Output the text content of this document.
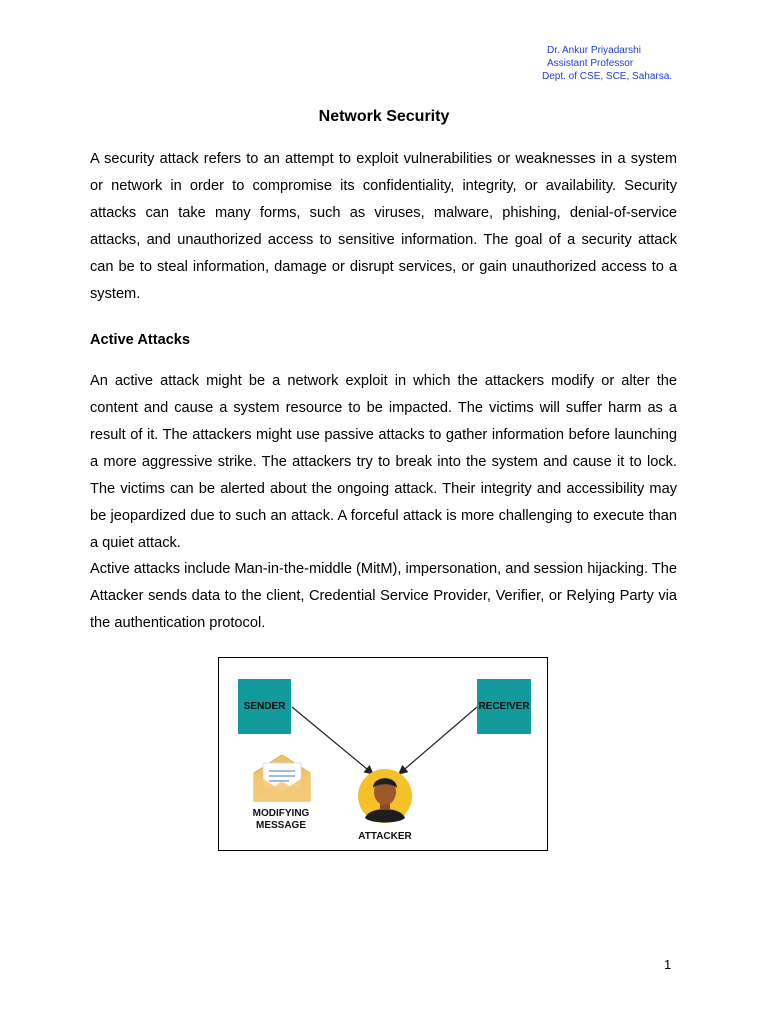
Dr. Ankur Priyadarshi
Assistant Professor
Dept. of CSE, SCE, Saharsa.
Network Security

A security attack refers to an attempt to exploit vulnerabilities or weaknesses in a system or network in order to compromise its confidentiality, integrity, or availability. Security attacks can take many forms, such as viruses, malware, phishing, denial-of-service attacks, and unauthorized access to sensitive information. The goal of a security attack can be to steal information, damage or disrupt services, or gain unauthorized access to a system.

Active Attacks

An active attack might be a network exploit in which the attackers modify or alter the content and cause a system resource to be impacted. The victims will suffer harm as a result of it. The attackers might use passive attacks to gather information before launching a more aggressive strike. The attackers try to break into the system and cause it to lock. The victims can be alerted about the ongoing attack. Their integrity and accessibility may be jeopardized due to such an attack. A forceful attack is more challenging to execute than a quiet attack.

Active attacks include Man-in-the-middle (MitM), impersonation, and session hijacking. The Attacker sends data to the client, Credential Service Provider, Verifier, or Relying Party via the authentication protocol.

SENDER	RECEIVER
MODIFYING
MESSAGE
ATTACKER
1
